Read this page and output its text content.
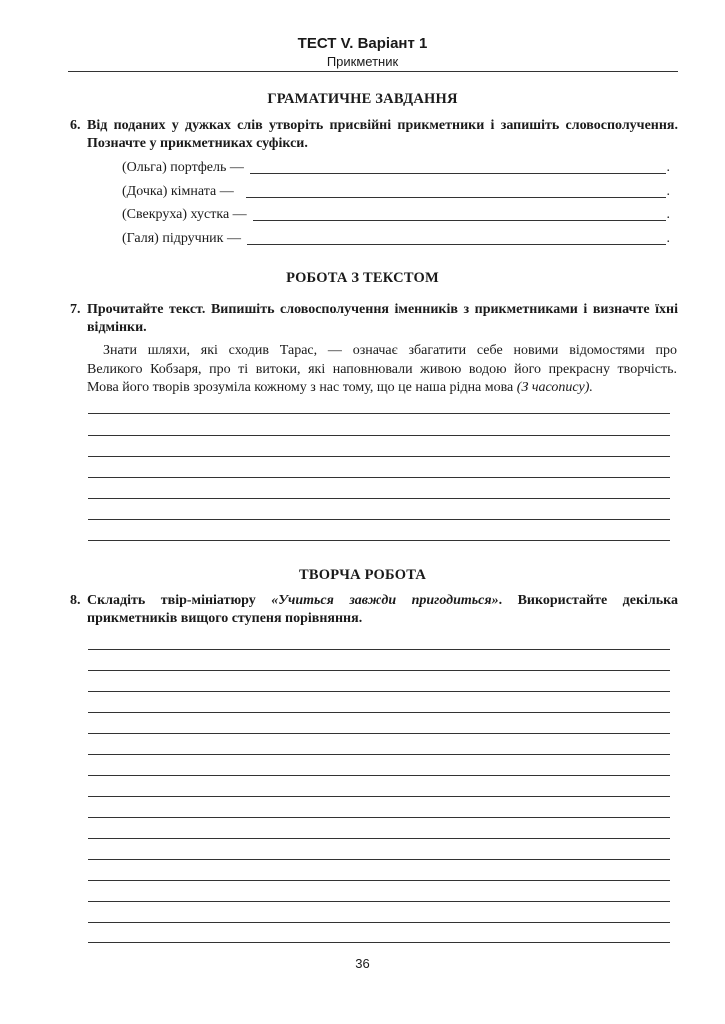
ТЕСТ V. Варіант 1
Прикметник
ГРАМАТИЧНЕ ЗАВДАННЯ
6. Від поданих у дужках слів утворіть присвійні прикметники і запишіть словосполучення.
Позначте у прикметниках суфікси.
(Ольга) портфель —	.
(Дочка) кімната —	.
(Свекруха) хустка —	.
(Галя) підручник —	.
РОБОТА З ТЕКСТОМ
7. Прочитайте текст. Випишіть словосполучення іменників з прикметниками і визначте їхні
відмінки.
Знати шляхи, які сходив Тарас, — означає збагатити себе новими відомостями про
Великого Кобзаря, про ті витоки, які наповнювали живою водою його прекрасну творчість.
Мова його творів зрозуміла кожному з нас тому, що це наша рідна мова (З часопису).
ТВОРЧА РОБОТА
8. Складіть твір-мініатюру «Учиться завжди пригодиться». Використайте декілька
прикметників вищого ступеня порівняння.
36
